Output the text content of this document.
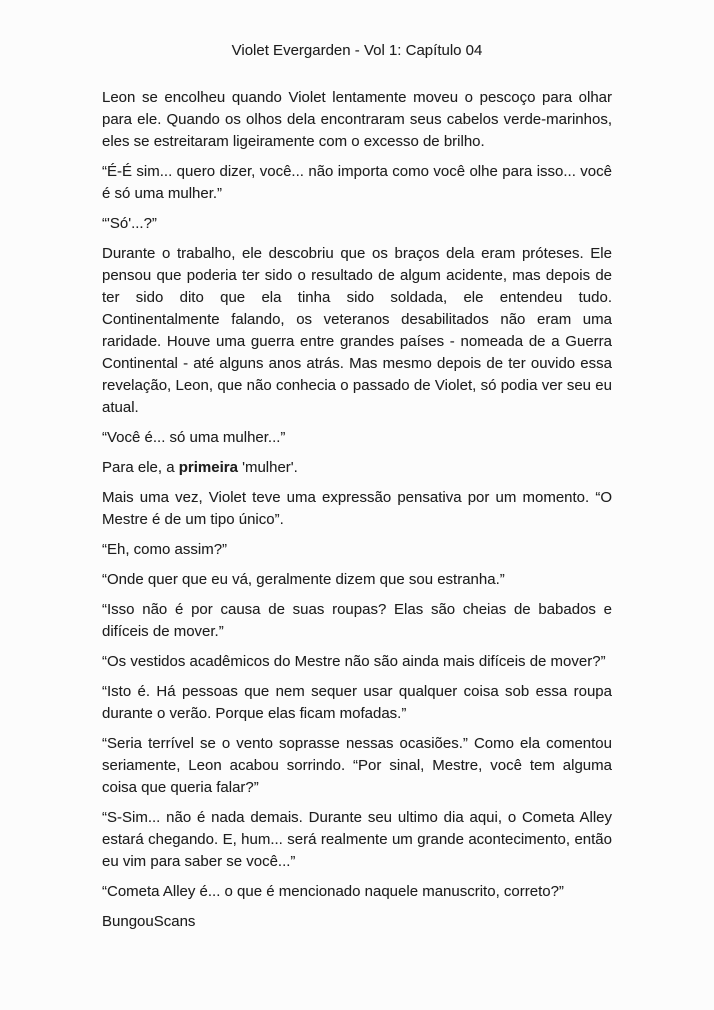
Violet Evergarden - Vol 1: Capítulo 04

Leon se encolheu quando Violet lentamente moveu o pescoço para olhar para ele. Quando os olhos dela encontraram seus cabelos verde-marinhos, eles se estreitaram ligeiramente com o excesso de brilho.

“É-É sim... quero dizer, você... não importa como você olhe para isso... você é só uma mulher.”

“'Só'...?”

Durante o trabalho, ele descobriu que os braços dela eram próteses. Ele pensou que poderia ter sido o resultado de algum acidente, mas depois de ter sido dito que ela tinha sido soldada, ele entendeu tudo. Continentalmente falando, os veteranos desabilitados não eram uma raridade. Houve uma guerra entre grandes países - nomeada de a Guerra Continental - até alguns anos atrás. Mas mesmo depois de ter ouvido essa revelação, Leon, que não conhecia o passado de Violet, só podia ver seu eu atual.

“Você é... só uma mulher...”

Para ele, a primeira 'mulher'.

Mais uma vez, Violet teve uma expressão pensativa por um momento. “O Mestre é de um tipo único”.

“Eh, como assim?”

“Onde quer que eu vá, geralmente dizem que sou estranha.”

“Isso não é por causa de suas roupas? Elas são cheias de babados e difíceis de mover.”

“Os vestidos acadêmicos do Mestre não são ainda mais difíceis de mover?”

“Isto é. Há pessoas que nem sequer usar qualquer coisa sob essa roupa durante o verão. Porque elas ficam mofadas.”

“Seria terrível se o vento soprasse nessas ocasiões.” Como ela comentou seriamente, Leon acabou sorrindo. “Por sinal, Mestre, você tem alguma coisa que queria falar?”

“S-Sim... não é nada demais. Durante seu ultimo dia aqui, o Cometa Alley estará chegando. E, hum... será realmente um grande acontecimento, então eu vim para saber se você...”

“Cometa Alley é... o que é mencionado naquele manuscrito, correto?”

BungouScans
